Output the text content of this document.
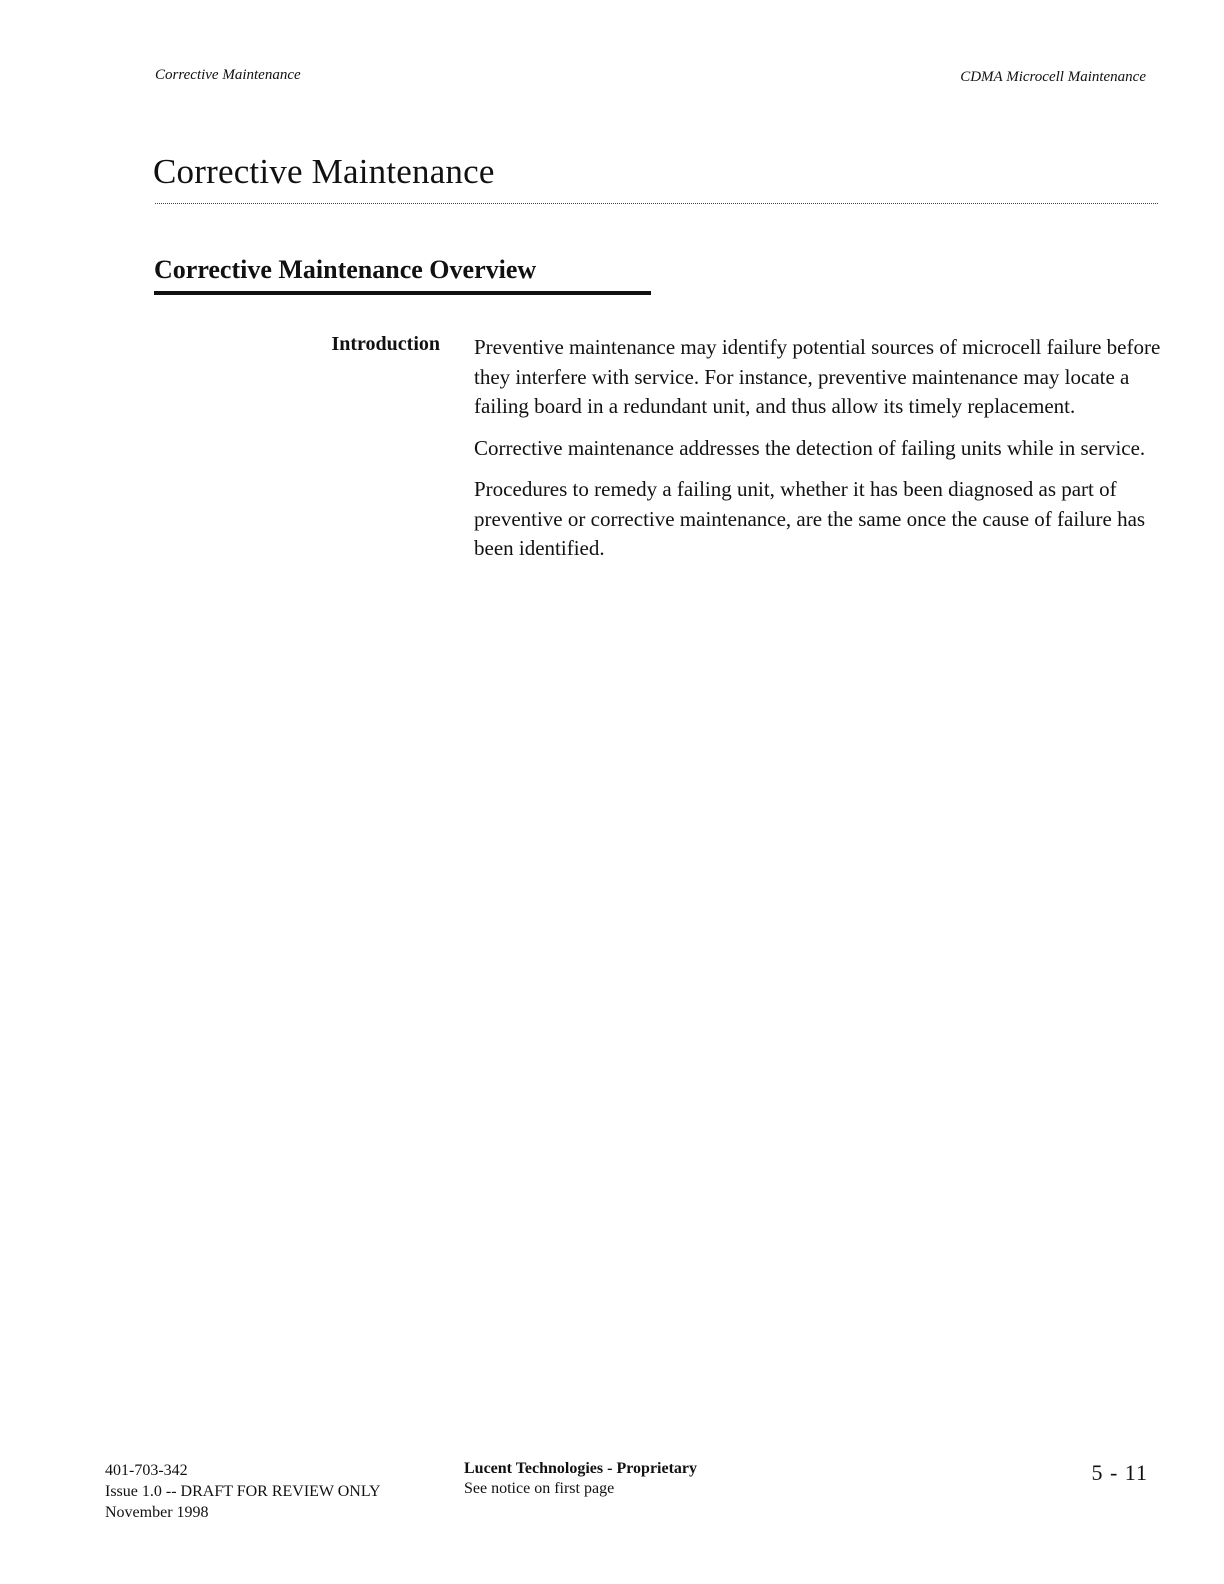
Corrective Maintenance	CDMA Microcell Maintenance
Corrective Maintenance
Corrective Maintenance Overview
Introduction Preventive maintenance may identify potential sources of microcell failure before they interfere with service. For instance, preventive maintenance may locate a failing board in a redundant unit, and thus allow its timely replacement.

Corrective maintenance addresses the detection of failing units while in service.

Procedures to remedy a failing unit, whether it has been diagnosed as part of preventive or corrective maintenance, are the same once the cause of failure has been identified.

401-703-342
Issue 1.0 -- DRAFT FOR REVIEW ONLY
November 1998
Lucent Technologies - Proprietary
See notice on first page
5 - 11
